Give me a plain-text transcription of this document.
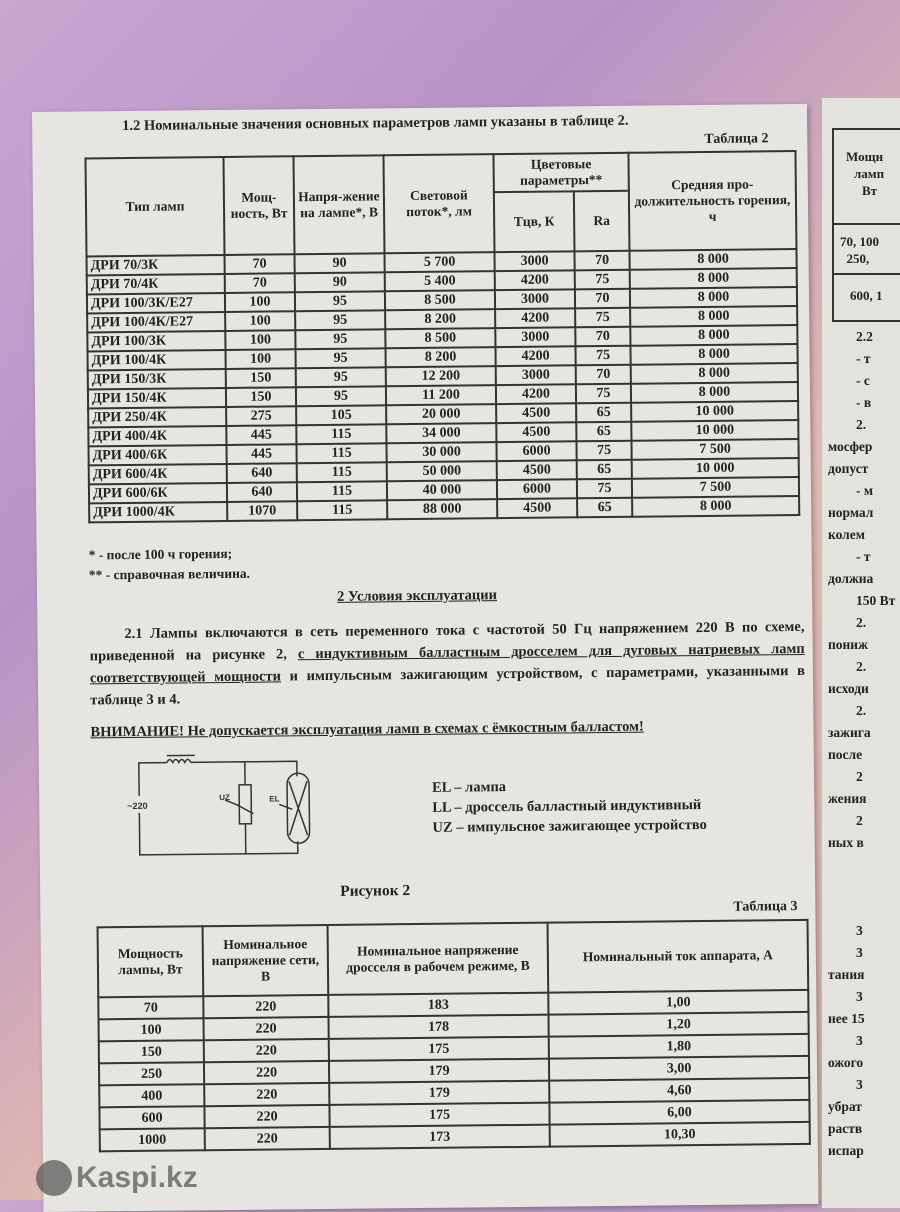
1.2 Номинальные значения основных параметров ламп указаны в таблице 2.
Таблица 2
Тип ламп	Мощ-ность, Вт	Напря-жение на лампе*, В	Световой поток*, лм	Цветовые параметры**		Средняя про-должительность горения, ч
				Тцв, К	Ra	
ДРИ 70/3К	70	90	5 700	3000	70	8 000
ДРИ 70/4К	70	90	5 400	4200	75	8 000
ДРИ 100/3К/Е27	100	95	8 500	3000	70	8 000
ДРИ 100/4К/Е27	100	95	8 200	4200	75	8 000
ДРИ 100/3К	100	95	8 500	3000	70	8 000
ДРИ 100/4К	100	95	8 200	4200	75	8 000
ДРИ 150/3К	150	95	12 200	3000	70	8 000
ДРИ 150/4К	150	95	11 200	4200	75	8 000
ДРИ 250/4К	275	105	20 000	4500	65	10 000
ДРИ 400/4К	445	115	34 000	4500	65	10 000
ДРИ 400/6К	445	115	30 000	6000	75	7 500
ДРИ 600/4К	640	115	50 000	4500	65	10 000
ДРИ 600/6К	640	115	40 000	6000	75	7 500
ДРИ 1000/4К	1070	115	88 000	4500	65	8 000
* - после 100 ч горения;
** - справочная величина.
2 Условия эксплуатации
2.1 Лампы включаются в сеть переменного тока с частотой 50 Гц напряжением 220 В по схеме, приведенной на рисунке 2, с индуктивным балластным дросселем для дуговых натриевых ламп соответствующей мощности и импульсным зажигающим устройством, с параметрами, указанными в таблице 3 и 4.
ВНИМАНИЕ! Не допускается эксплуатация ламп в схемах с ёмкостным балластом!
~220
UZ	EL
EL – лампа
LL – дроссель балластный индуктивный
UZ – импульсное зажигающее устройство
Рисунок 2
Таблица 3
Мощность лампы, Вт	Номинальное напряжение сети, В	Номинальное напряжение дросселя в рабочем режиме, В	Номинальный ток аппарата, А
70	220	183	1,00
100	220	178	1,20
150	220	175	1,80
250	220	179	3,00
400	220	179	4,60
600	220	175	6,00
1000	220	173	10,30
Мощн
ламп
Вт
70, 100
250,
600, 1
2.2
- т
- с
- в
2.
мосфер
допуст
- м
нормал
колем
- т
должна
150 Вт
2.
пониж
2.
исходи
2.
зажига
после
2
жения
2
ных в

3
3
тания
3
нее 15
3
ожого
3
убрат
раств
испар
Kaspi.kz
